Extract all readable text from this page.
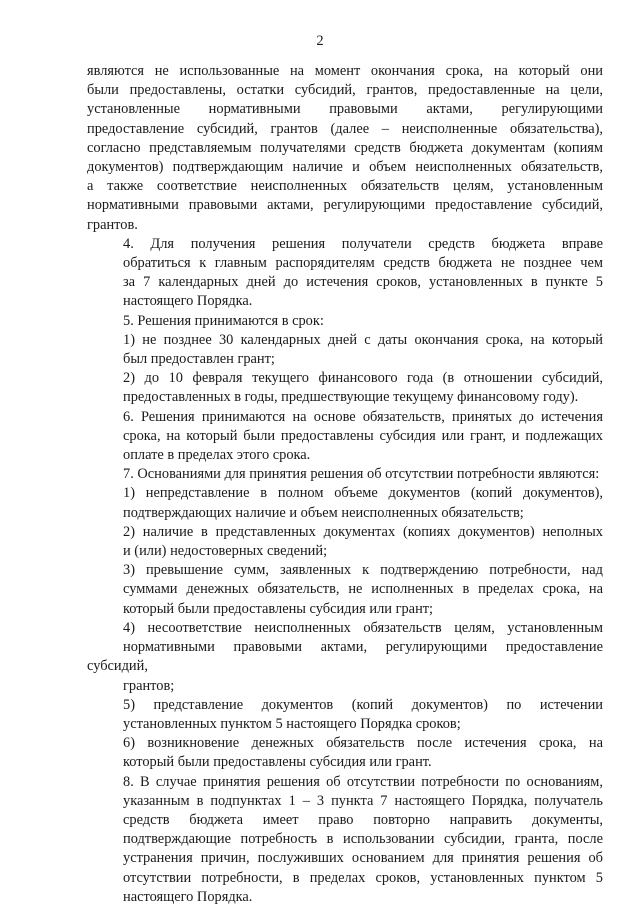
2
являются не использованные на момент окончания срока, на который они
были предоставлены, остатки субсидий, грантов, предоставленные на цели,
установленные нормативными правовыми актами, регулирующими
предоставление субсидий, грантов (далее – неисполненные обязательства),
согласно представляемым получателями средств бюджета документам (копиям
документов) подтверждающим наличие и объем неисполненных обязательств,
а также соответствие неисполненных обязательств целям, установленным
нормативными правовыми актами, регулирующими предоставление субсидий,
грантов.
4. Для получения решения получатели средств бюджета вправе
обратиться к главным распорядителям средств бюджета не позднее чем
за 7 календарных дней до истечения сроков, установленных в пункте 5
настоящего Порядка.
5. Решения принимаются в срок:
1) не позднее 30 календарных дней с даты окончания срока, на который
был предоставлен грант;
2) до 10 февраля текущего финансового года (в отношении субсидий,
предоставленных в годы, предшествующие текущему финансовому году).
6. Решения принимаются на основе обязательств, принятых до истечения
срока, на который были предоставлены субсидия или грант, и подлежащих
оплате в пределах этого срока.
7. Основаниями для принятия решения об отсутствии потребности являются:
1) непредставление в полном объеме документов (копий документов),
подтверждающих наличие и объем неисполненных обязательств;
2) наличие в представленных документах (копиях документов) неполных
и (или) недостоверных сведений;
3) превышение сумм, заявленных к подтверждению потребности, над
суммами денежных обязательств, не исполненных в пределах срока, на
который были предоставлены субсидия или грант;
4) несоответствие неисполненных обязательств целям, установленным
нормативными правовыми актами, регулирующими предоставление субсидий,
грантов;
5) представление документов (копий документов) по истечении
установленных пунктом 5 настоящего Порядка сроков;
6) возникновение денежных обязательств после истечения срока, на
который были предоставлены субсидия или грант.
8. В случае принятия решения об отсутствии потребности по основаниям,
указанным в подпунктах 1 – 3 пункта 7 настоящего Порядка, получатель
средств бюджета имеет право повторно направить документы,
подтверждающие потребность в использовании субсидии, гранта, после
устранения причин, послуживших основанием для принятия решения об
отсутствии потребности, в пределах сроков, установленных пунктом 5
настоящего Порядка.
